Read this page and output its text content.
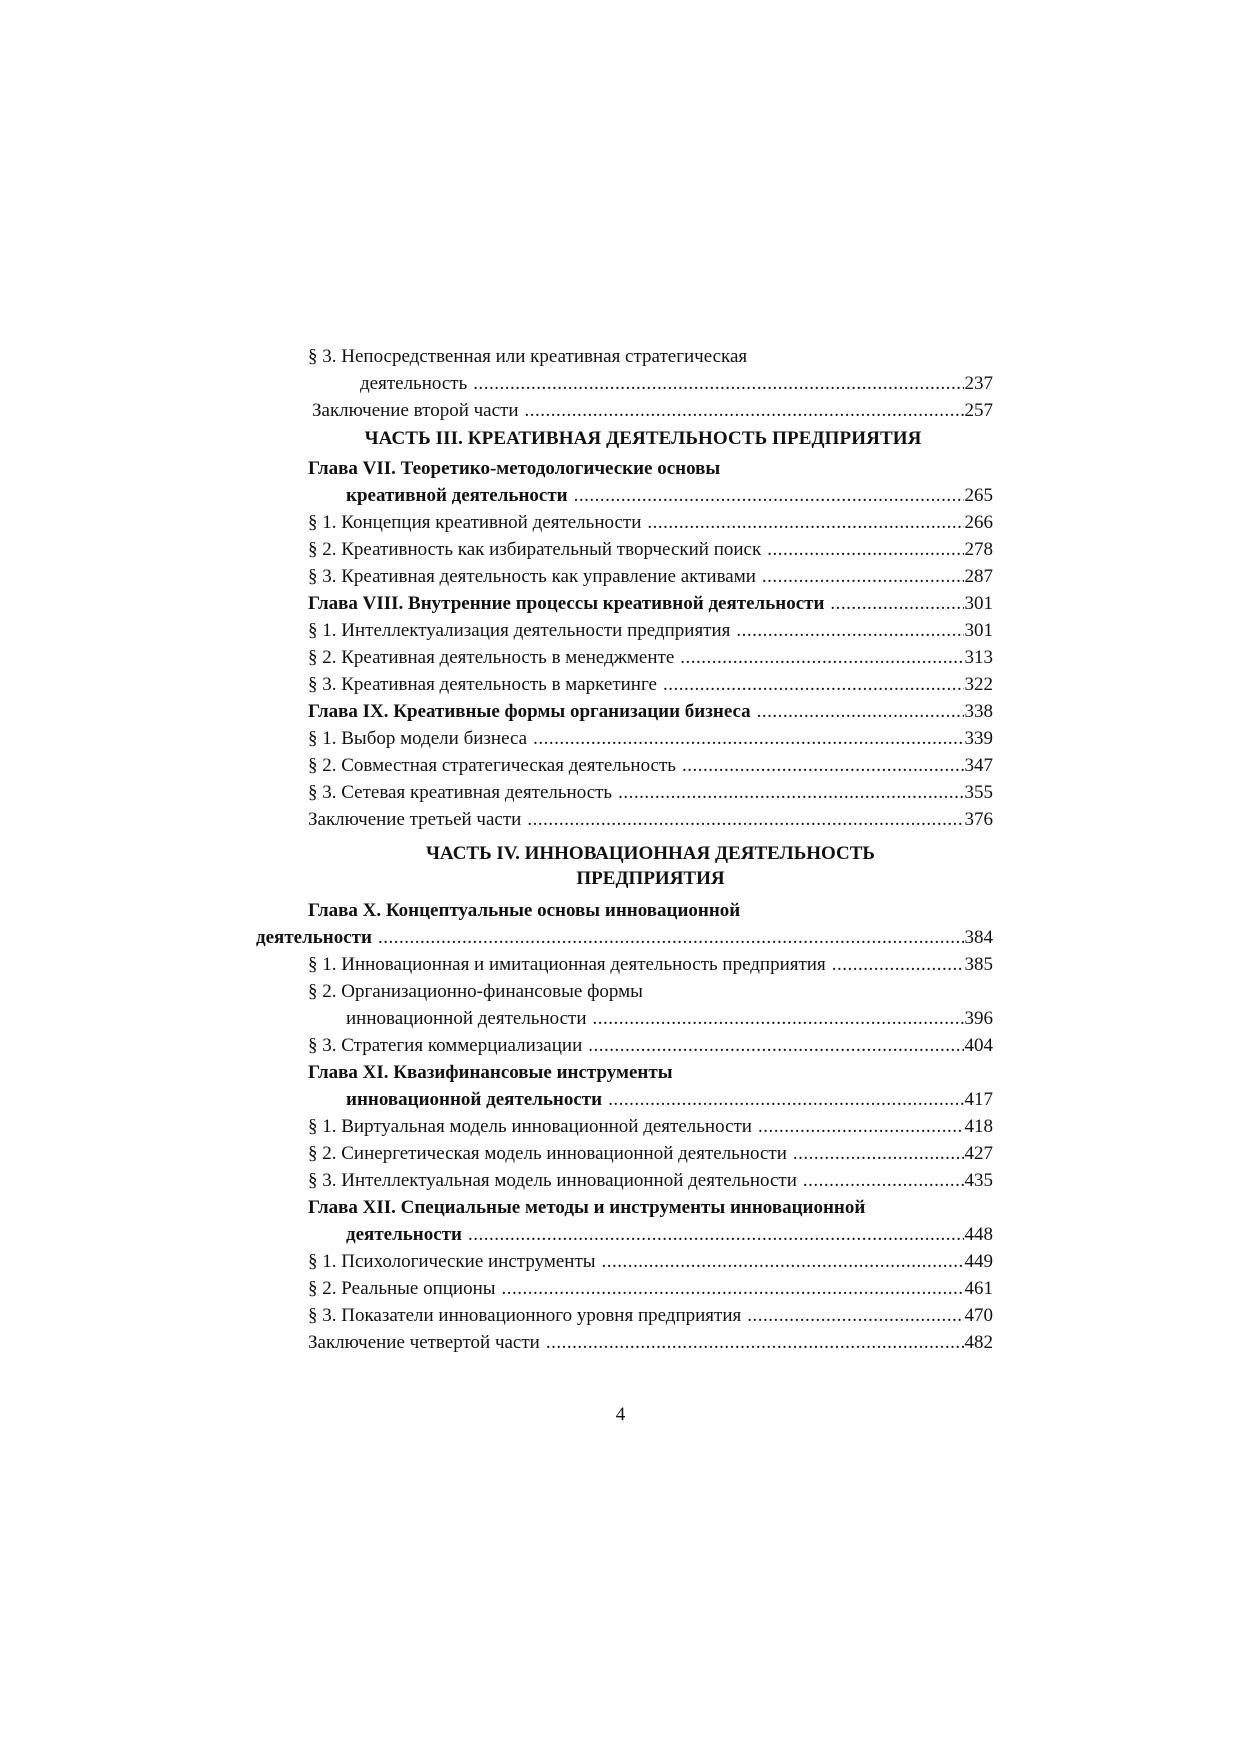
§ 3. Непосредственная или креативная стратегическая
деятельность .....	237
Заключение второй части .....	257
ЧАСТЬ III. КРЕАТИВНАЯ ДЕЯТЕЛЬНОСТЬ ПРЕДПРИЯТИЯ
Глава VII. Теоретико-методологические основы
креативной деятельности .....	265
§ 1. Концепция креативной деятельности .....	266
§ 2. Креативность как избирательный творческий поиск .....	278
§ 3. Креативная деятельность как управление активами .....	287
Глава VIII. Внутренние процессы креативной деятельности .....	301
§ 1. Интеллектуализация деятельности предприятия .....	301
§ 2. Креативная деятельность в менеджменте .....	313
§ 3. Креативная деятельность в маркетинге .....	322
Глава IX. Креативные формы организации бизнеса .....	338
§ 1. Выбор модели бизнеса .....	339
§ 2. Совместная стратегическая деятельность .....	347
§ 3. Сетевая креативная деятельность .....	355
Заключение третьей части .....	376
ЧАСТЬ IV. ИННОВАЦИОННАЯ ДЕЯТЕЛЬНОСТЬ
ПРЕДПРИЯТИЯ
Глава X. Концептуальные основы инновационной
деятельности .....	384
§ 1. Инновационная и имитационная деятельность предприятия .....	385
§ 2. Организационно-финансовые формы
инновационной деятельности .....	396
§ 3. Стратегия коммерциализации .....	404
Глава XI. Квазифинансовые инструменты
инновационной деятельности .....	417
§ 1. Виртуальная модель инновационной деятельности .....	418
§ 2. Синергетическая модель инновационной деятельности .....	427
§ 3. Интеллектуальная модель инновационной деятельности .....	435
Глава XII. Специальные методы и инструменты инновационной
деятельности .....	448
§ 1. Психологические инструменты .....	449
§ 2. Реальные опционы .....	461
§ 3. Показатели инновационного уровня предприятия .....	470
Заключение четвертой части .....	482
4
